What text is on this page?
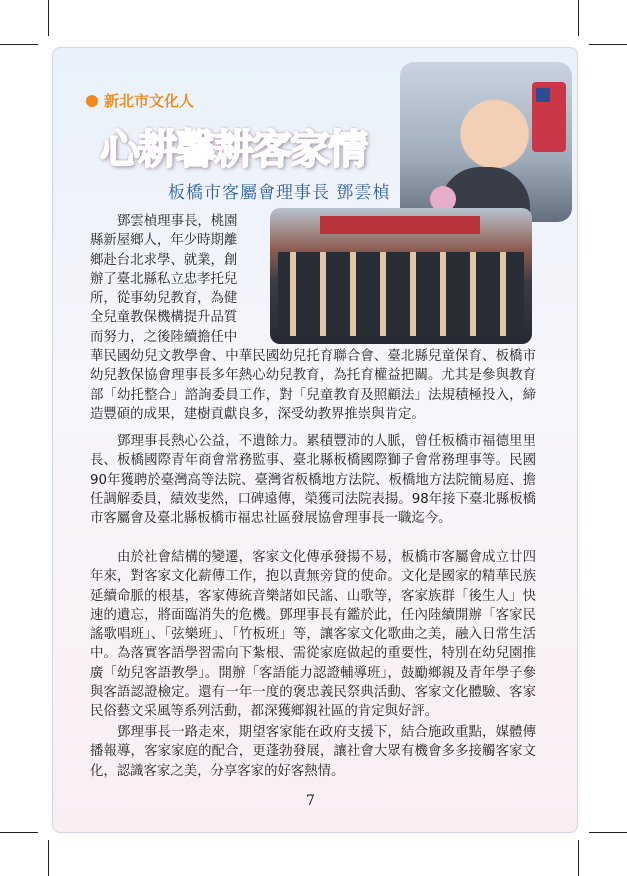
新北市文化人
心耕馨耕客家情
板橋市客屬會理事長 鄧雲楨
鄧雲楨理事長，桃園
縣新屋鄉人，年少時期離
鄉赴台北求學、就業，創
辦了臺北縣私立忠孝托兒
所，從事幼兒教育，為健
全兒童教保機構提升品質
而努力，之後陸續擔任中
華民國幼兒文教學會、中華民國幼兒托育聯合會、臺北縣兒童保育、板橋市幼兒教保協會理事長多年熱心幼兒教育，為托育權益把關。尤其是參與教育部「幼托整合」諮詢委員工作，對「兒童教育及照顧法」法規積極投入，締造豐碩的成果，建樹貢獻良多，深受幼教界推崇與肯定。

鄧理事長熱心公益，不遺餘力。累積豐沛的人脈，曾任板橋市福德里里長、板橋國際青年商會常務監事、臺北縣板橋國際獅子會常務理事等。民國90年獲聘於臺灣高等法院、臺灣省板橋地方法院、板橋地方法院簡易庭、擔任調解委員，績效斐然，口碑遠傳，榮獲司法院表揚。98年接下臺北縣板橋市客屬會及臺北縣板橋市福忠社區發展協會理事長一職迄今。

由於社會結構的變遷，客家文化傳承發揚不易，板橋市客屬會成立廿四年來，對客家文化薪傳工作，抱以責無旁貸的使命。文化是國家的精華民族延續命脈的根基，客家傳統音樂諸如民謠、山歌等，客家族群「後生人」快速的遺忘，將面臨消失的危機。鄧理事長有鑑於此，任內陸續開辦「客家民謠歌唱班」、「弦樂班」、「竹板班」等，讓客家文化歌曲之美，融入日常生活中。為落實客語學習需向下紮根、需從家庭做起的重要性，特別在幼兒園推廣「幼兒客語教學」。開辦「客語能力認證輔導班」，鼓勵鄉親及青年學子參與客語認證檢定。還有一年一度的褒忠義民祭典活動、客家文化體驗、客家民俗藝文采風等系列活動，都深獲鄉親社區的肯定與好評。

鄧理事長一路走來，期望客家能在政府支援下，結合施政重點，媒體傳播報導，客家家庭的配合，更蓬勃發展，讓社會大眾有機會多多接觸客家文化，認識客家之美，分享客家的好客熱情。

7
